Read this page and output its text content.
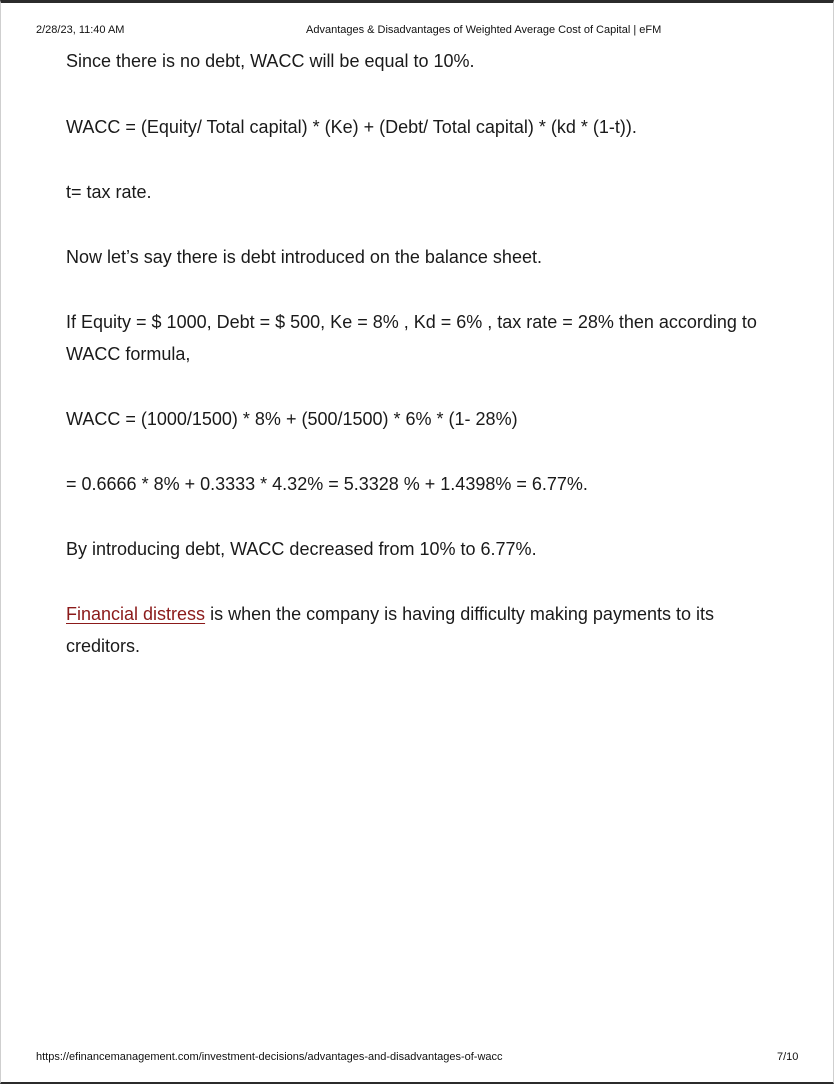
2/28/23, 11:40 AM	Advantages & Disadvantages of Weighted Average Cost of Capital | eFM

Since there is no debt, WACC will be equal to 10%.

WACC = (Equity/ Total capital) * (Ke) + (Debt/ Total capital) * (kd * (1-t)).

t= tax rate.

Now let’s say there is debt introduced on the balance sheet.

If Equity = $ 1000, Debt = $ 500, Ke = 8% , Kd = 6% , tax rate = 28% then according to WACC formula,

WACC = (1000/1500) * 8% + (500/1500) * 6% * (1- 28%)

= 0.6666 * 8% + 0.3333 * 4.32% = 5.3328 % + 1.4398% = 6.77%.

By introducing debt, WACC decreased from 10% to 6.77%.

Financial distress is when the company is having difficulty making payments to its creditors.

https://efinancemanagement.com/investment-decisions/advantages-and-disadvantages-of-wacc	7/10
